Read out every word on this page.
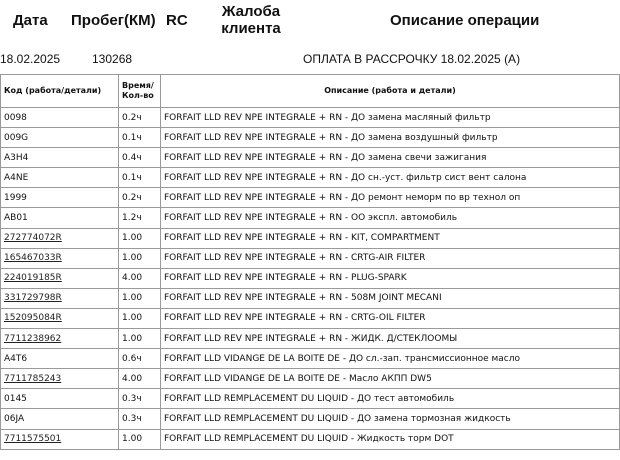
Дата Пробег(КМ) RC
Жалоба клиента	Описание операции
18.02.2025	130268	ОПЛАТА В РАССРОЧКУ 18.02.2025 (А)
Код (работа/детали)	Время/ Кол-во	Описание (работа и детали)
0098	0.2ч	FORFAIT LLD REV NPE INTEGRALE + RN - ДО замена масляный фильтр
009G	0.1ч	FORFAIT LLD REV NPE INTEGRALE + RN - ДО замена воздушный фильтр
A3H4	0.4ч	FORFAIT LLD REV NPE INTEGRALE + RN - ДО замена свечи зажигания
A4NE	0.1ч	FORFAIT LLD REV NPE INTEGRALE + RN - ДО сн.-уст. фильтр сист вент салона
1999	0.2ч	FORFAIT LLD REV NPE INTEGRALE + RN - ДО ремонт неморм по вр технол оп
AB01	1.2ч	FORFAIT LLD REV NPE INTEGRALE + RN - ОО экспл. автомобиль
272774072R	1.00	FORFAIT LLD REV NPE INTEGRALE + RN - KIT, COMPARTMENT
165467033R	1.00	FORFAIT LLD REV NPE INTEGRALE + RN - CRTG-AIR FILTER
224019185R	4.00	FORFAIT LLD REV NPE INTEGRALE + RN - PLUG-SPARK
331729798R	1.00	FORFAIT LLD REV NPE INTEGRALE + RN - 508M JOINT MECANI
152095084R	1.00	FORFAIT LLD REV NPE INTEGRALE + RN - CRTG-OIL FILTER
7711238962	1.00	FORFAIT LLD REV NPE INTEGRALE + RN - ЖИДК. Д/СТЕКЛООМЫ
A4T6	0.6ч	FORFAIT LLD VIDANGE DE LA BOITE DE - ДО сл.-зап. трансмиссионное масло
7711785243	4.00	FORFAIT LLD VIDANGE DE LA BOITE DE - Масло АКПП DW5
0145	0.3ч	FORFAIT LLD REMPLACEMENT DU LIQUID - ДО тест автомобиль
06JA	0.3ч	FORFAIT LLD REMPLACEMENT DU LIQUID - ДО замена тормозная жидкость
7711575501	1.00	FORFAIT LLD REMPLACEMENT DU LIQUID - Жидкость торм DOT
